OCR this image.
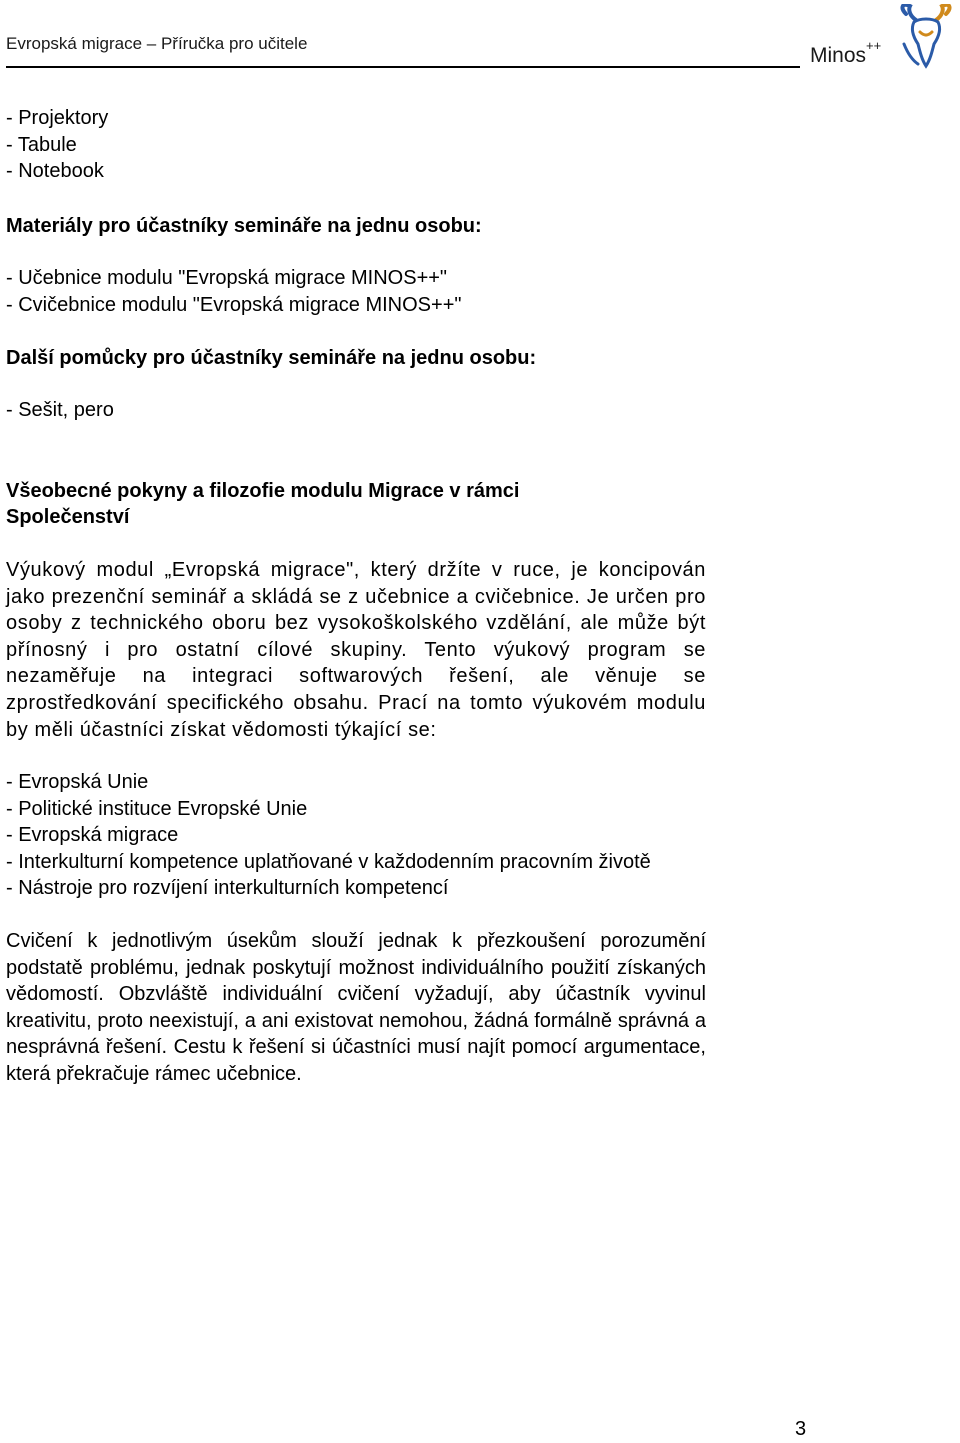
Evropská migrace – Příručka pro učitele
Minos++

- Projektory

- Tabule

- Notebook

Materiály pro účastníky semináře na jednu osobu:

- Učebnice modulu "Evropská migrace MINOS++"

- Cvičebnice modulu "Evropská migrace MINOS++"

Další pomůcky pro účastníky semináře na jednu osobu:

- Sešit, pero

Všeobecné pokyny a filozofie modulu Migrace v rámci Společenství

Výukový modul „Evropská migrace", který držíte v ruce, je koncipován jako prezenční seminář a skládá se z učebnice a cvičebnice. Je určen pro osoby z technického oboru bez vysokoškolského vzdělání, ale může být přínosný i pro ostatní cílové skupiny. Tento výukový program se nezaměřuje na integraci softwarových řešení, ale věnuje se zprostředkování specifického obsahu. Prací na tomto výukovém modulu by měli účastníci získat vědomosti týkající se:

- Evropská Unie

- Politické instituce Evropské Unie

- Evropská migrace

- Interkulturní kompetence uplatňované v každodenním pracovním životě

- Nástroje pro rozvíjení interkulturních kompetencí

Cvičení k jednotlivým úsekům slouží jednak k přezkoušení porozumění podstatě problému, jednak poskytují možnost individuálního použití získaných vědomostí. Obzvláště individuální cvičení vyžadují, aby účastník vyvinul kreativitu, proto neexistují, a ani existovat nemohou, žádná formálně správná a nesprávná řešení. Cestu k řešení si účastníci musí najít pomocí argumentace, která překračuje rámec učebnice.

3
